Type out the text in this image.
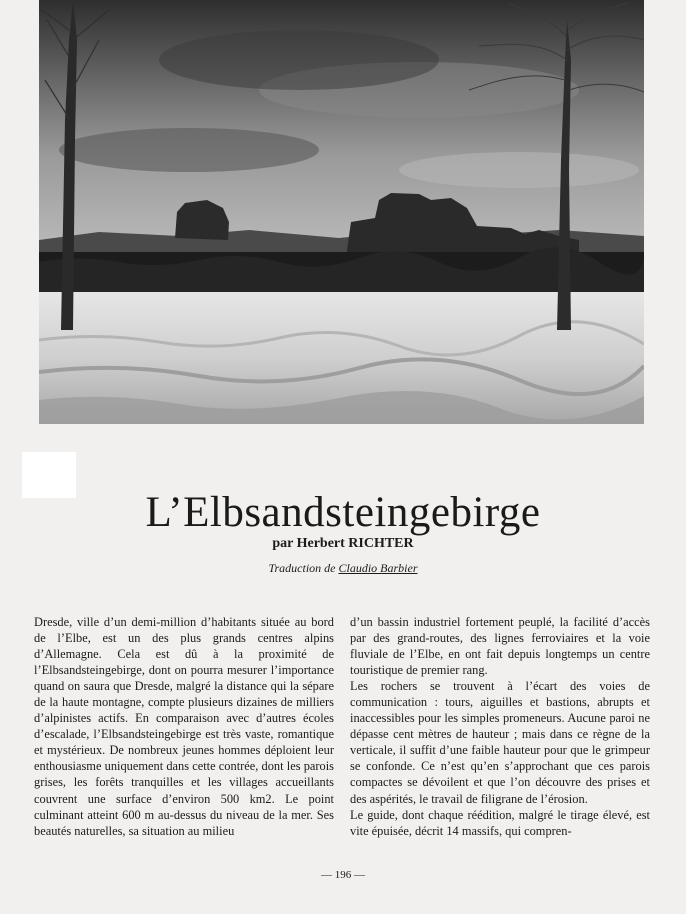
L’Elbsandsteingebirge
par Herbert RICHTER
Traduction de Claudio Barbier

Dresde, ville d’un demi-million d’habitants située au bord de l’Elbe, est un des plus grands centres alpins d’Allemagne. Cela est dû à la proximité de l’Elbsandsteingebirge, dont on pourra mesurer l’importance quand on saura que Dresde, malgré la distance qui la sépare de la haute montagne, compte plusieurs dizaines de milliers d’alpinistes actifs. En comparaison avec d’autres écoles d’escalade, l’Elbsandsteingebirge est très vaste, romantique et mystérieux. De nombreux jeunes hommes déploient leur enthousiasme uniquement dans cette contrée, dont les parois grises, les forêts tranquilles et les villages accueillants couvrent une surface d’environ 500 km2. Le point culminant atteint 600 m au-dessus du niveau de la mer. Ses beautés naturelles, sa situation au milieu

d’un bassin industriel fortement peuplé, la facilité d’accès par des grand-routes, des lignes ferroviaires et la voie fluviale de l’Elbe, en ont fait depuis longtemps un centre touristique de premier rang.

Les rochers se trouvent à l’écart des voies de communication : tours, aiguilles et bastions, abrupts et inaccessibles pour les simples promeneurs. Aucune paroi ne dépasse cent mètres de hauteur ; mais dans ce règne de la verticale, il suffit d’une faible hauteur pour que le grimpeur se confonde. Ce n’est qu’en s’approchant que ces parois compactes se dévoilent et que l’on découvre des prises et des aspérités, le travail de filigrane de l’érosion.

Le guide, dont chaque réédition, malgré le tirage élevé, est vite épuisée, décrit 14 massifs, qui compren-

— 196 —
